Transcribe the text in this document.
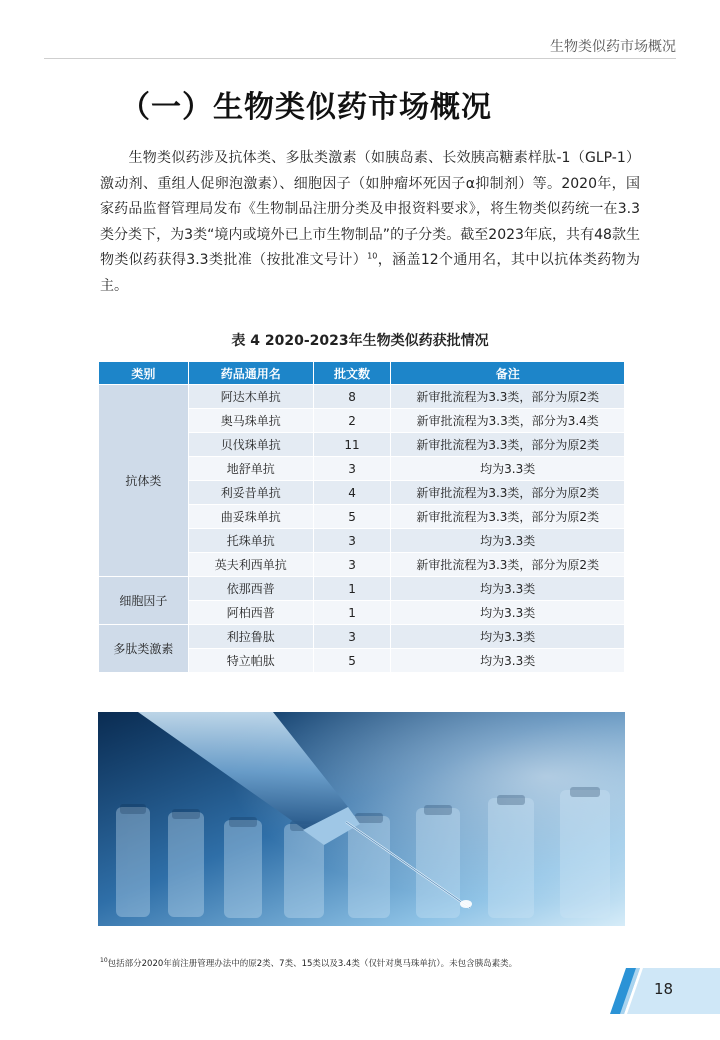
生物类似药市场概况
（一）生物类似药市场概况

　　生物类似药涉及抗体类、多肽类激素（如胰岛素、长效胰高糖素样肽-1（GLP-1）激动剂、重组人促卵泡激素）、细胞因子（如肿瘤坏死因子α抑制剂）等。2020年，国家药品监督管理局发布《生物制品注册分类及申报资料要求》，将生物类似药统一在3.3类分类下，为3类“境内或境外已上市生物制品”的子分类。截至2023年底，共有48款生物类似药获得3.3类批准（按批准文号计）$^{10}$，涵盖12个通用名，其中以抗体类药物为主。

表 4 2020-2023年生物类似药获批情况
类别	药品通用名	批文数	备注
抗体类	阿达木单抗	8	新审批流程为3.3类，部分为原2类
	奥马珠单抗	2	新审批流程为3.3类，部分为3.4类
	贝伐珠单抗	11	新审批流程为3.3类，部分为原2类
	地舒单抗	3	均为3.3类
	利妥昔单抗	4	新审批流程为3.3类，部分为原2类
	曲妥珠单抗	5	新审批流程为3.3类，部分为原2类
	托珠单抗	3	均为3.3类
	英夫利西单抗	3	新审批流程为3.3类，部分为原2类
细胞因子	依那西普	1	均为3.3类
	阿柏西普	1	均为3.3类
多肽类激素	利拉鲁肽	3	均为3.3类
	特立帕肽	5	均为3.3类
$^{10}$包括部分2020年前注册管理办法中的原2类、7类、15类以及3.4类（仅针对奥马珠单抗）。未包含胰岛素类。
18
